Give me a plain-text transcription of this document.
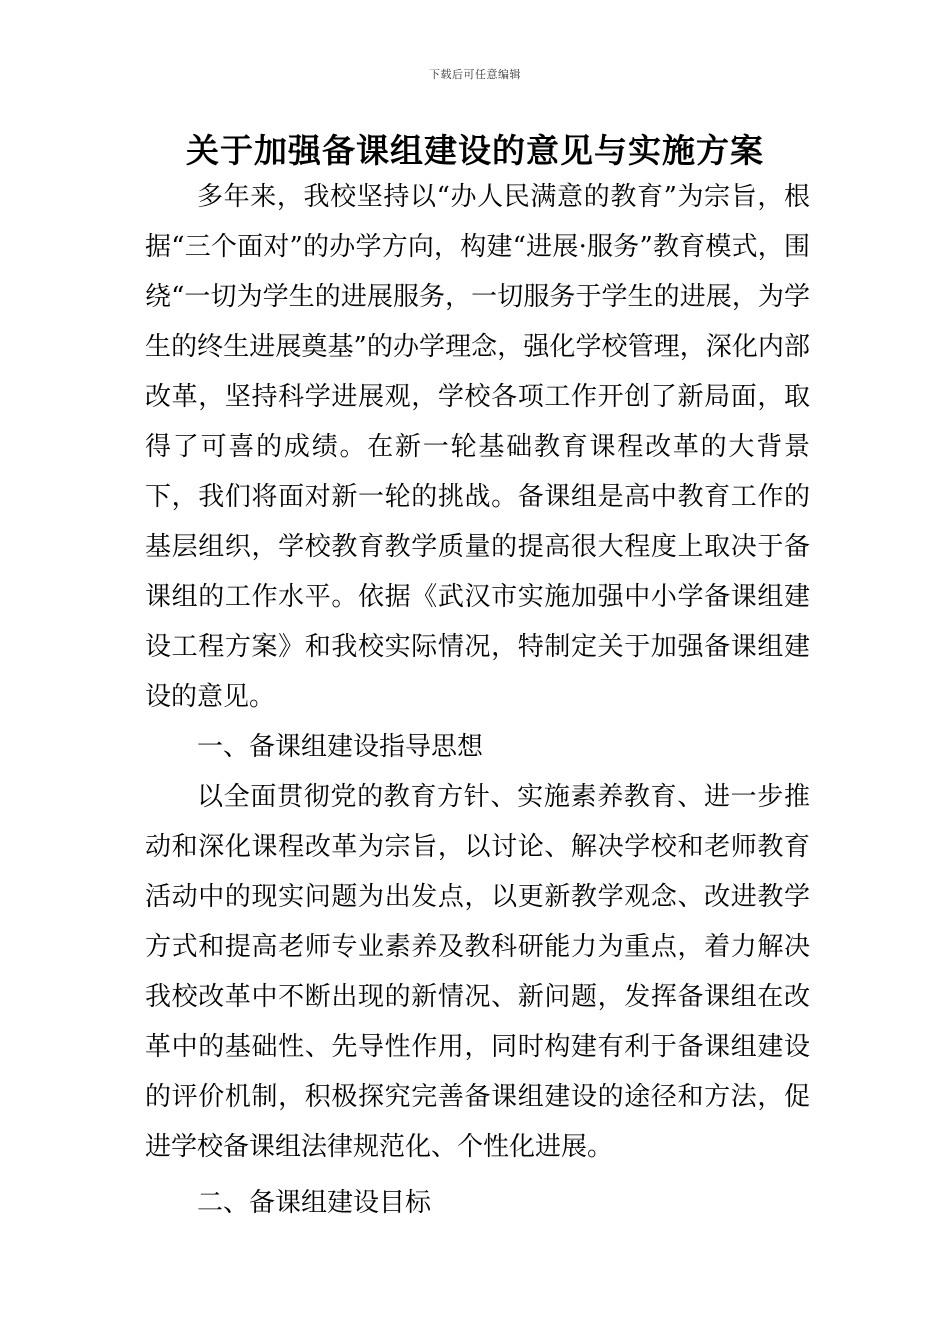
下载后可任意编辑
关于加强备课组建设的意见与实施方案

多年来，我校坚持以“办人民满意的教育”为宗旨，根据“三个面对”的办学方向，构建“进展·服务”教育模式，围绕“一切为学生的进展服务，一切服务于学生的进展，为学生的终生进展奠基”的办学理念，强化学校管理，深化内部改革，坚持科学进展观，学校各项工作开创了新局面，取得了可喜的成绩。在新一轮基础教育课程改革的大背景下，我们将面对新一轮的挑战。备课组是高中教育工作的基层组织，学校教育教学质量的提高很大程度上取决于备课组的工作水平。依据《武汉市实施加强中小学备课组建设工程方案》和我校实际情况，特制定关于加强备课组建设的意见。

一、备课组建设指导思想

以全面贯彻党的教育方针、实施素养教育、进一步推动和深化课程改革为宗旨，以讨论、解决学校和老师教育活动中的现实问题为出发点，以更新教学观念、改进教学方式和提高老师专业素养及教科研能力为重点，着力解决我校改革中不断出现的新情况、新问题，发挥备课组在改革中的基础性、先导性作用，同时构建有利于备课组建设的评价机制，积极探究完善备课组建设的途径和方法，促进学校备课组法律规范化、个性化进展。

二、备课组建设目标
